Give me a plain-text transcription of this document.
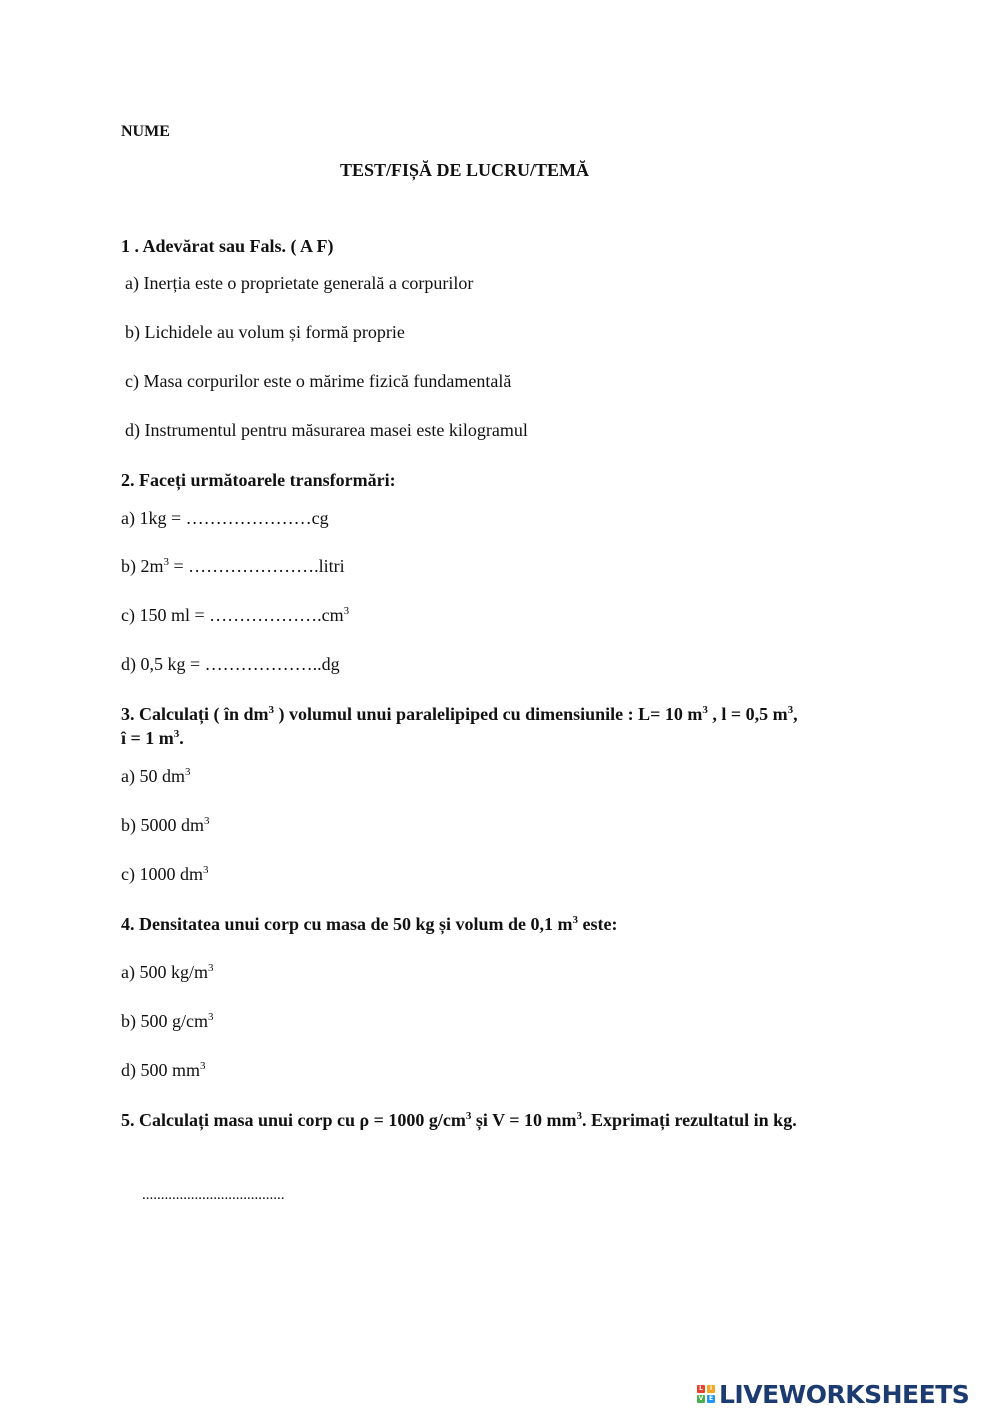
NUME
TEST/FIȘĂ DE LUCRU/TEMĂ
1 . Adevărat sau Fals. ( A F)
a) Inerția este o proprietate generală a corpurilor
b) Lichidele au volum și formă proprie
c) Masa corpurilor este o mărime fizică fundamentală
d) Instrumentul pentru măsurarea masei este kilogramul
2. Faceți următoarele transformări:
a) 1kg = …………………cg
b) $2m^3$ = ………………….litri
c) 150 ml = $\dots\dots\dots\dots\dots\dots.cm^3$
d) 0,5 kg = ………………..dg
3. Calculați ( în $dm^3$ ) volumul unui paralelipiped cu dimensiunile : L= 10 $m^3$ , l = 0,5 $m^3$,
î = 1 $m^3$.
a) 50 $dm^3$
b) 5000 $dm^3$
c) 1000 $dm^3$
4. Densitatea unui corp cu masa de 50 kg și volum de 0,1 $m^3$ este:
a) 500 $kg/m^3$
b) 500 $g/cm^3$
d) 500 $mm^3$
5. Calculați masa unui corp cu ρ = 1000 $g/cm^3$ și V = 10 $mm^3$. Exprimați rezultatul in kg.
......................................
L	I
V E LIVEWORKSHEETS
